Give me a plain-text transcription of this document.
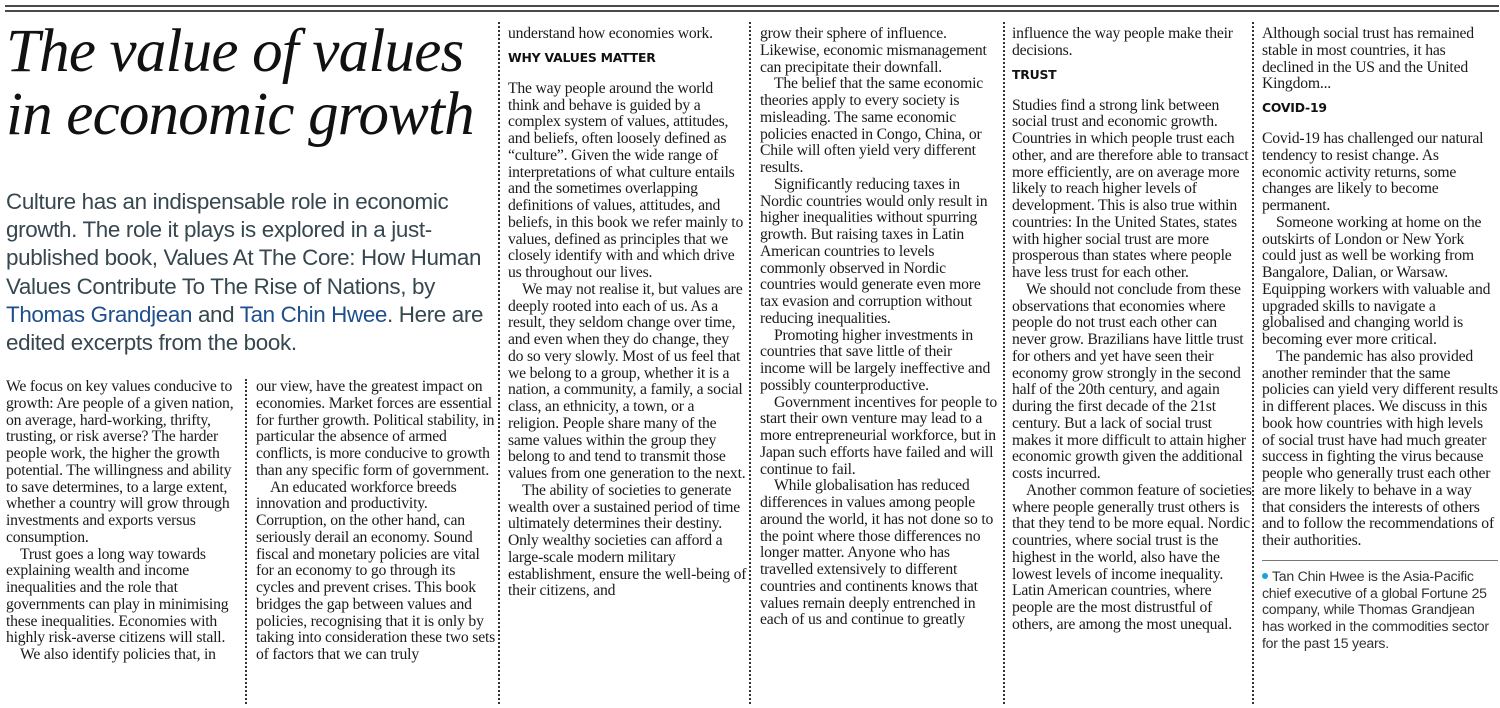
The value of values
in economic growth
Culture has an indispensable role in economic growth. The role it plays is explored in a just-published book, Values At The Core: How Human Values Contribute To The Rise of Nations, by Thomas Grandjean and Tan Chin Hwee. Here are edited excerpts from the book.

We focus on key values conducive to growth: Are people of a given nation, on average, hard-working, thrifty, trusting, or risk averse? The harder people work, the higher the growth potential. The willingness and ability to save determines, to a large extent, whether a country will grow through investments and exports versus consumption.

Trust goes a long way towards explaining wealth and income inequalities and the role that governments can play in minimising these inequalities. Economies with highly risk-averse citizens will stall.

We also identify policies that, in

our view, have the greatest impact on economies. Market forces are essential for further growth. Political stability, in particular the absence of armed conflicts, is more conducive to growth than any specific form of government.

An educated workforce breeds innovation and productivity. Corruption, on the other hand, can seriously derail an economy. Sound fiscal and monetary policies are vital for an economy to go through its cycles and prevent crises. This book bridges the gap between values and policies, recognising that it is only by taking into consideration these two sets of factors that we can truly

understand how economies work.

WHY VALUES MATTER

The way people around the world think and behave is guided by a complex system of values, attitudes, and beliefs, often loosely defined as “culture”. Given the wide range of interpretations of what culture entails and the sometimes overlapping definitions of values, attitudes, and beliefs, in this book we refer mainly to values, defined as principles that we closely identify with and which drive us throughout our lives.

We may not realise it, but values are deeply rooted into each of us. As a result, they seldom change over time, and even when they do change, they do so very slowly. Most of us feel that we belong to a group, whether it is a nation, a community, a family, a social class, an ethnicity, a town, or a religion. People share many of the same values within the group they belong to and tend to transmit those values from one generation to the next.

The ability of societies to generate wealth over a sustained period of time ultimately determines their destiny. Only wealthy societies can afford a large-scale modern military establishment, ensure the well-being of their citizens, and

grow their sphere of influence. Likewise, economic mismanagement can precipitate their downfall.

The belief that the same economic theories apply to every society is misleading. The same economic policies enacted in Congo, China, or Chile will often yield very different results.

Significantly reducing taxes in Nordic countries would only result in higher inequalities without spurring growth. But raising taxes in Latin American countries to levels commonly observed in Nordic countries would generate even more tax evasion and corruption without reducing inequalities.

Promoting higher investments in countries that save little of their income will be largely ineffective and possibly counterproductive.

Government incentives for people to start their own venture may lead to a more entrepreneurial workforce, but in Japan such efforts have failed and will continue to fail.

While globalisation has reduced differences in values among people around the world, it has not done so to the point where those differences no longer matter. Anyone who has travelled extensively to different countries and continents knows that values remain deeply entrenched in each of us and continue to greatly

influence the way people make their decisions.

TRUST

Studies find a strong link between social trust and economic growth. Countries in which people trust each other, and are therefore able to transact more efficiently, are on average more likely to reach higher levels of development. This is also true within countries: In the United States, states with higher social trust are more prosperous than states where people have less trust for each other.

We should not conclude from these observations that economies where people do not trust each other can never grow. Brazilians have little trust for others and yet have seen their economy grow strongly in the second half of the 20th century, and again during the first decade of the 21st century. But a lack of social trust makes it more difficult to attain higher economic growth given the additional costs incurred.

Another common feature of societies where people generally trust others is that they tend to be more equal. Nordic countries, where social trust is the highest in the world, also have the lowest levels of income inequality. Latin American countries, where people are the most distrustful of others, are among the most unequal.

Although social trust has remained stable in most countries, it has declined in the US and the United Kingdom...

COVID-19

Covid-19 has challenged our natural tendency to resist change. As economic activity returns, some changes are likely to become permanent.

Someone working at home on the outskirts of London or New York could just as well be working from Bangalore, Dalian, or Warsaw. Equipping workers with valuable and upgraded skills to navigate a globalised and changing world is becoming ever more critical.

The pandemic has also provided another reminder that the same policies can yield very different results in different places. We discuss in this book how countries with high levels of social trust have had much greater success in fighting the virus because people who generally trust each other are more likely to behave in a way that considers the interests of others and to follow the recommendations of their authorities.

Tan Chin Hwee is the Asia-Pacific chief executive of a global Fortune 25 company, while Thomas Grandjean has worked in the commodities sector for the past 15 years.
